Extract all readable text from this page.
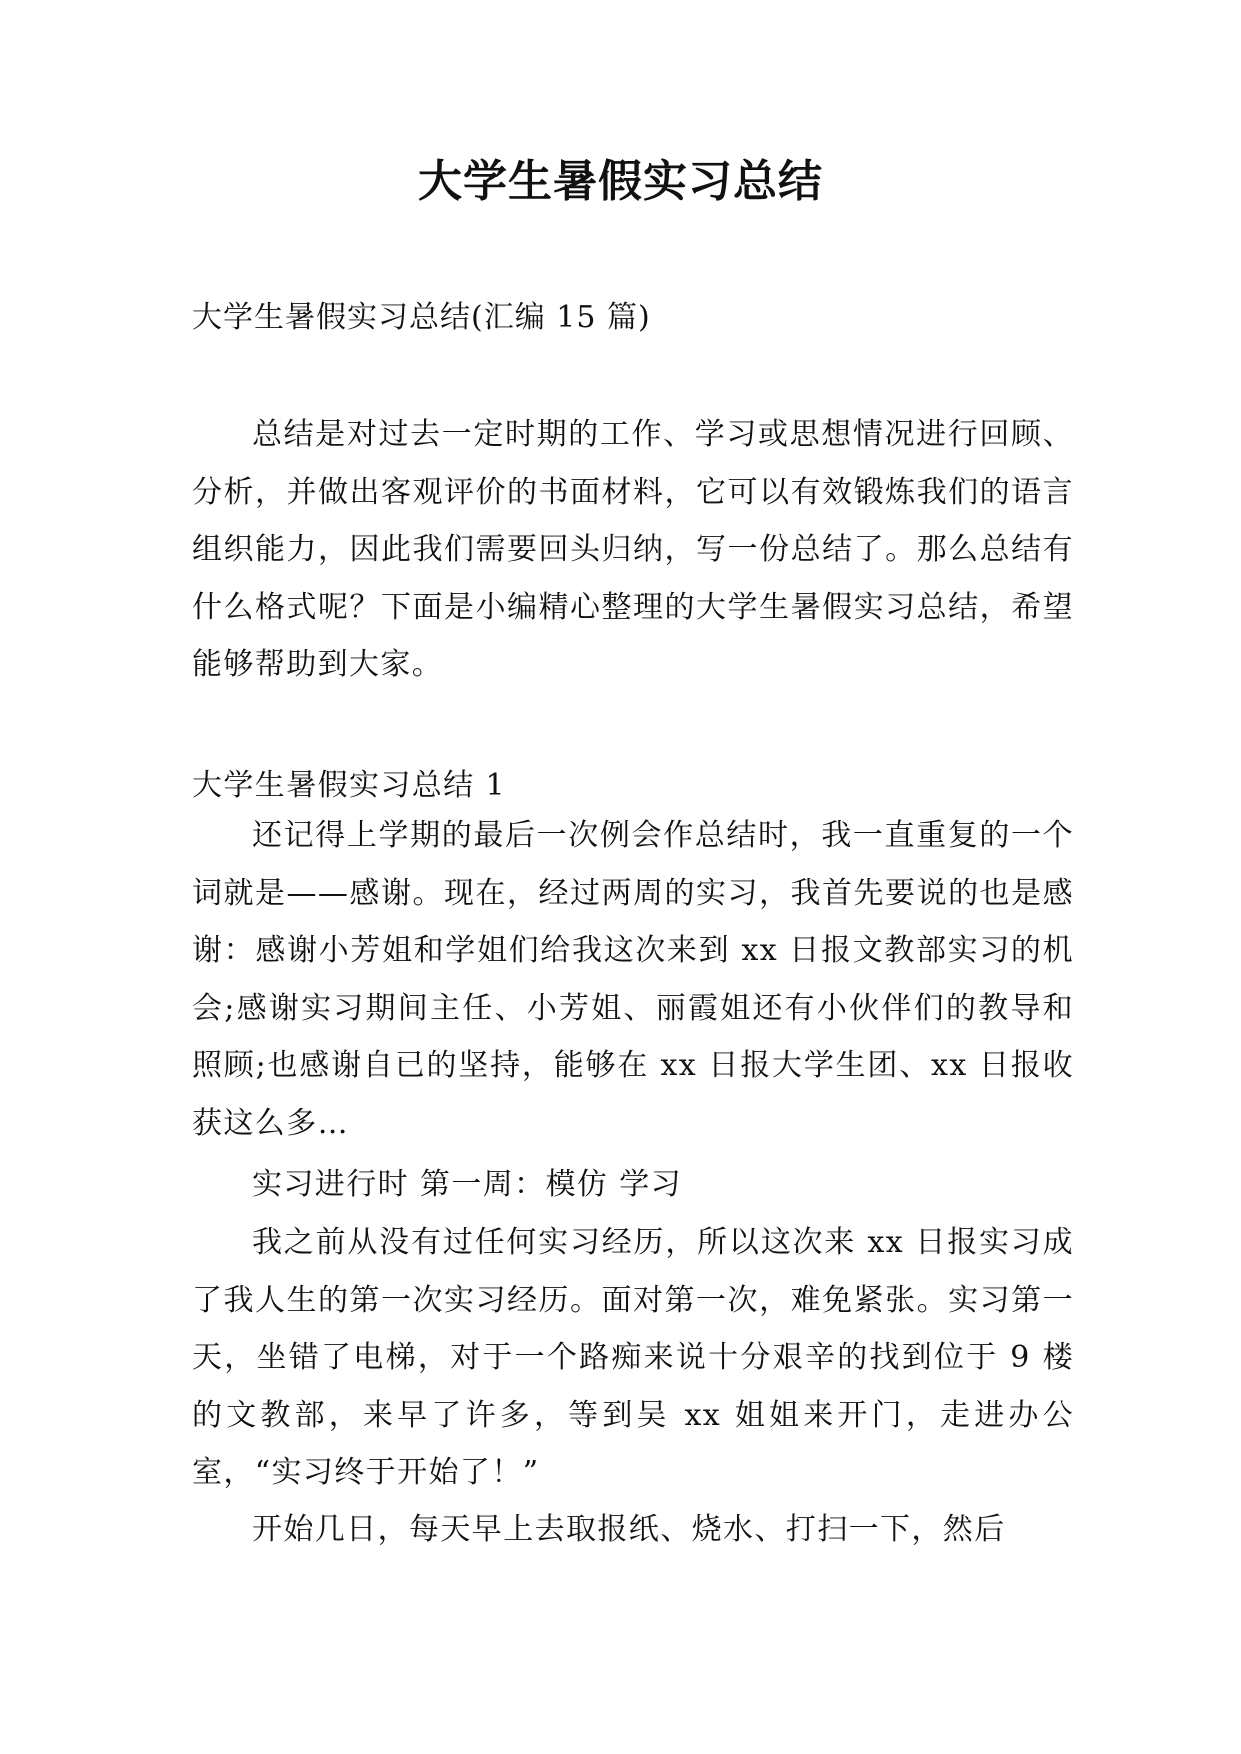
大学生暑假实习总结
大学生暑假实习总结(汇编 15 篇)
总结是对过去一定时期的工作、学习或思想情况进行回顾、分析，并做出客观评价的书面材料，它可以有效锻炼我们的语言组织能力，因此我们需要回头归纳，写一份总结了。那么总结有什么格式呢？下面是小编精心整理的大学生暑假实习总结，希望能够帮助到大家。
大学生暑假实习总结 1
还记得上学期的最后一次例会作总结时，我一直重复的一个词就是——感谢。现在，经过两周的实习，我首先要说的也是感谢：感谢小芳姐和学姐们给我这次来到 xx 日报文教部实习的机会;感谢实习期间主任、小芳姐、丽霞姐还有小伙伴们的教导和照顾;也感谢自已的坚持，能够在 xx 日报大学生团、xx 日报收获这么多…
实习进行时 第一周：模仿 学习
我之前从没有过任何实习经历，所以这次来 xx 日报实习成了我人生的第一次实习经历。面对第一次，难免紧张。实习第一天，坐错了电梯，对于一个路痴来说十分艰辛的找到位于 9 楼的文教部，来早了许多，等到吴 xx 姐姐来开门，走进办公室，“实习终于开始了！”
开始几日，每天早上去取报纸、烧水、打扫一下，然后
